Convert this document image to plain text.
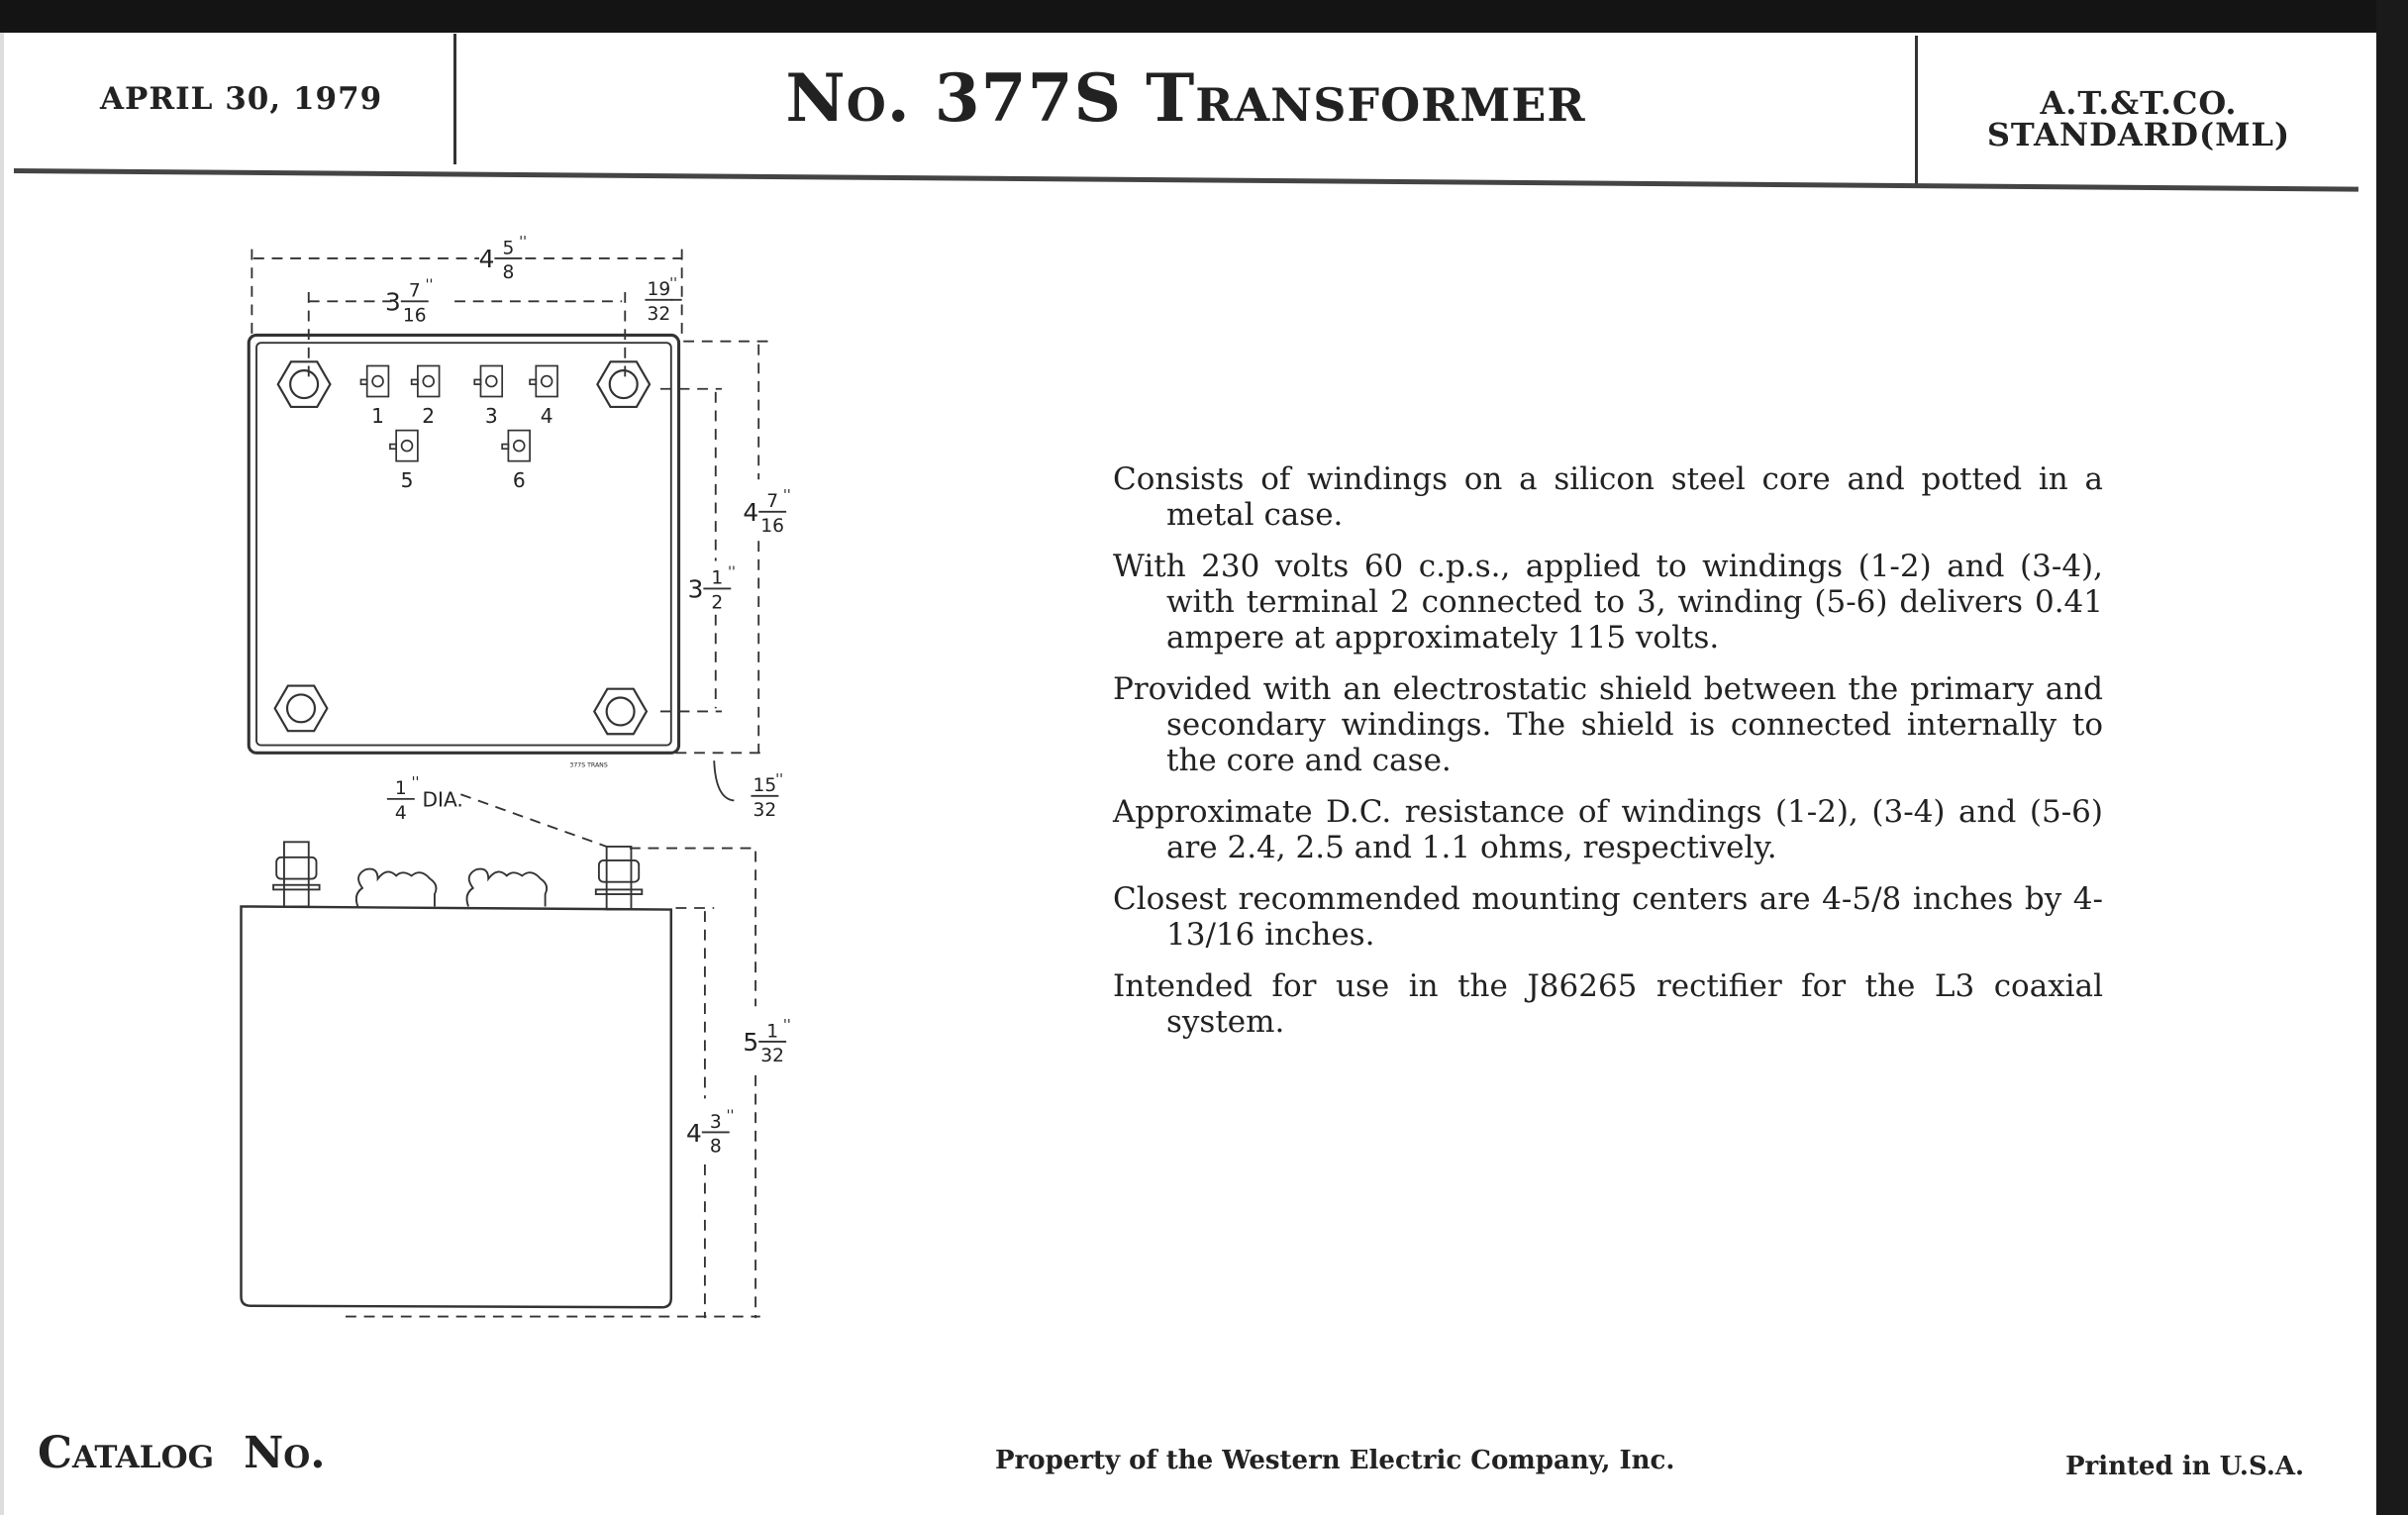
APRIL 30, 1979	No. 377S Transformer	A.T.&T.CO.
STANDARD(ML)

Consists of windings on a silicon steel core and potted in a metal case.

With 230 volts 60 c.p.s., applied to windings (1-2) and (3-4), with terminal 2 connected to 3, winding (5-6) delivers 0.41 ampere at approximately 115 volts.

Provided with an electrostatic shield between the primary and secondary windings. The shield is connected internally to the core and case.

Approximate D.C. resistance of windings (1-2), (3-4) and (5-6) are 2.4, 2.5 and 1.1 ohms, respectively.

Closest recommended mounting centers are 4-5/8 inches by 4-13/16 inches.

Intended for use in the J86265 rectifier for the L3 coaxial system.

1	2	3	4
5	6
377S TRANS
4 5
8
''
3 7
16
''	19
32
''
4 7
16
''
3 1
2
''
15
32
''
1
4
''
5 1
32
''
4 3
8
''
DIA.
Catalog No.	Property of the Western Electric Company, Inc.	Printed in U.S.A.
